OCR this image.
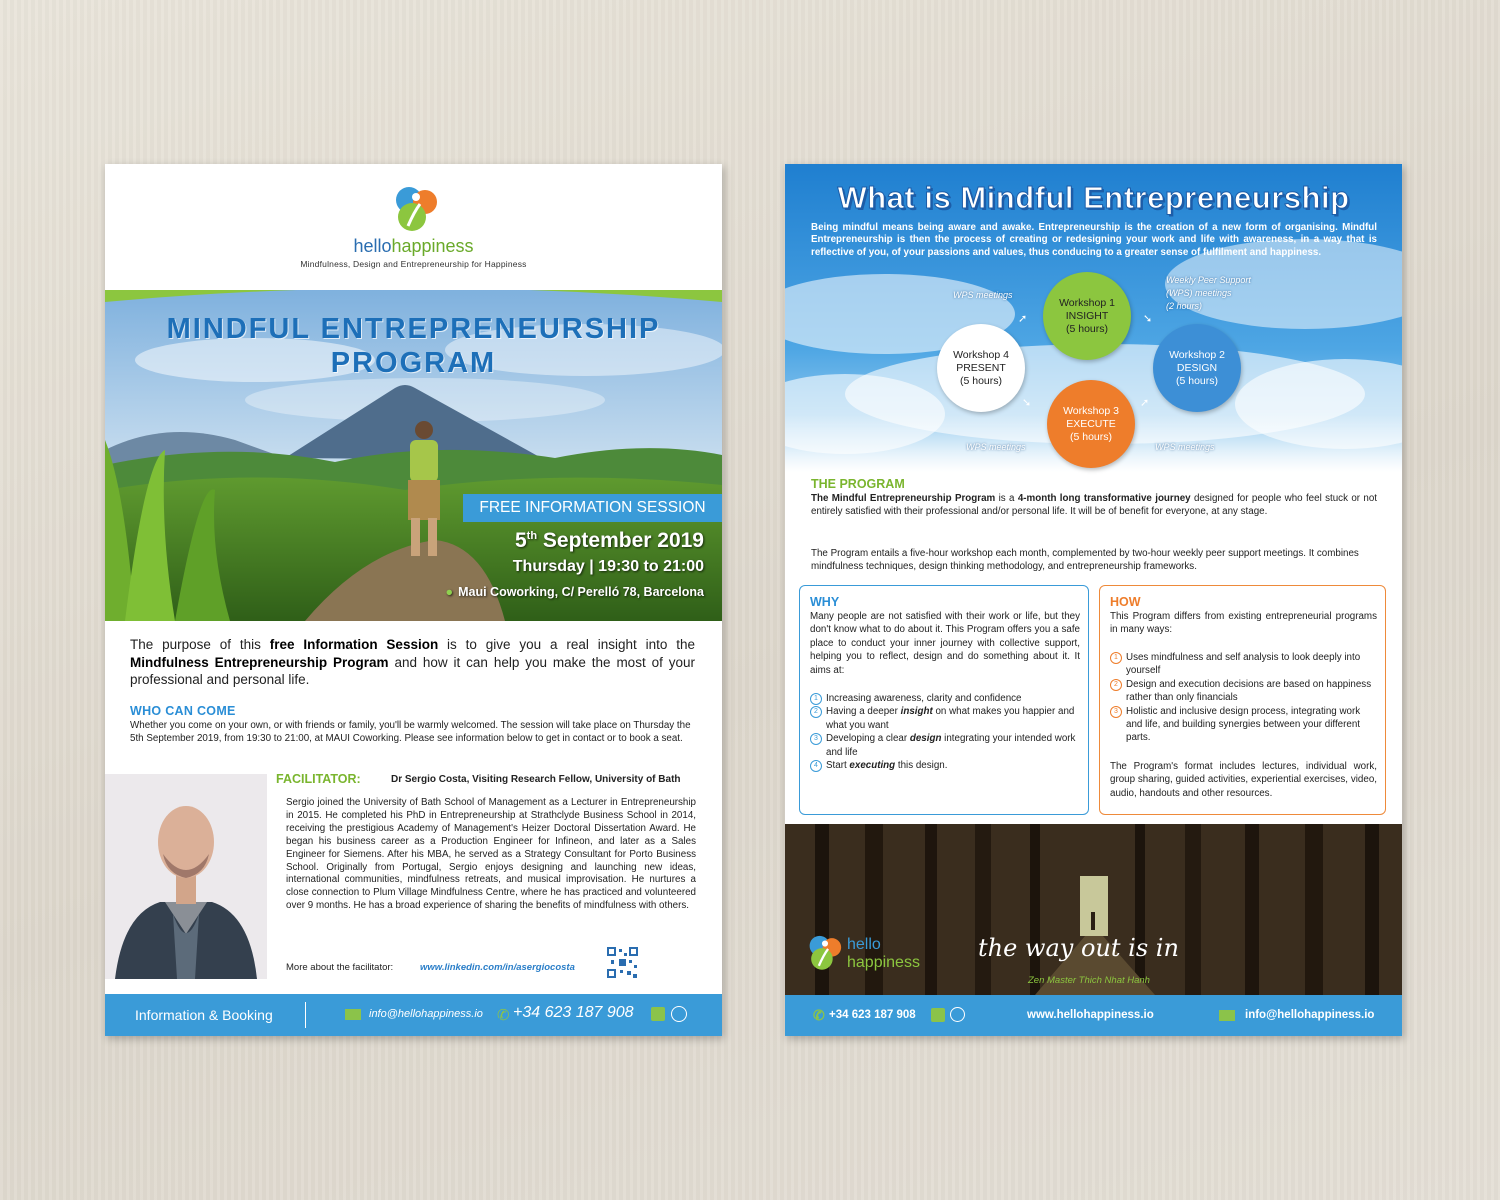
hellohappiness
Mindfulness, Design and Entrepreneurship for Happiness
MINDFUL ENTREPRENEURSHIP
PROGRAM
FREE INFORMATION SESSION
5th September 2019
Thursday | 19:30 to 21:00
● Maui Coworking, C/ Perelló 78, Barcelona
The purpose of this free Information Session is to give you a real insight into the Mindfulness Entrepreneurship Program and how it can help you make the most of your professional and personal life.
WHO CAN COME
Whether you come on your own, or with friends or family, you'll be warmly welcomed. The session will take place on Thursday the 5th September 2019, from 19:30 to 21:00, at MAUI Coworking. Please see information below to get in contact or to book a seat.
FACILITATOR:	Dr Sergio Costa, Visiting Research Fellow, University of Bath
Sergio joined the University of Bath School of Management as a Lecturer in Entrepreneurship in 2015. He completed his PhD in Entrepreneurship at Strathclyde Business School in 2014, receiving the prestigious Academy of Management's Heizer Doctoral Dissertation Award. He began his business career as a Production Engineer for Infineon, and later as a Sales Engineer for Siemens. After his MBA, he served as a Strategy Consultant for Porto Business School. Originally from Portugal, Sergio enjoys designing and launching new ideas, international communities, mindfulness retreats, and musical improvisation. He nurtures a close connection to Plum Village Mindfulness Centre, where he has practiced and volunteered over 9 months. He has a broad experience of sharing the benefits of mindfulness with others.
More about the facilitator:	www.linkedin.com/in/asergiocosta
Information & Booking	info@hellohappiness.io ✆ +34 623 187 908
What is Mindful Entrepreneurship
Being mindful means being aware and awake. Entrepreneurship is the creation of a new form of organising. Mindful Entrepreneurship is then the process of creating or redesigning your work and life with awareness, in a way that is reflective of you, of your passions and values, thus conducing to a greater sense of fulfilment and happiness.
Workshop 1
INSIGHT
(5 hours)
Workshop 2
DESIGN
(5 hours)
Workshop 3
EXECUTE
(5 hours)
Workshop 4
PRESENT
(5 hours)
➚	➘
➚
➘
WPS meetings
Weekly Peer Support
(WPS) meetings
(2 hours)
WPS meetings	WPS meetings
THE PROGRAM
The Mindful Entrepreneurship Program is a 4-month long transformative journey designed for people who feel stuck or not entirely satisfied with their professional and/or personal life. It will be of benefit for everyone, at any stage.
The Program entails a five-hour workshop each month, complemented by two-hour weekly peer support meetings. It combines mindfulness techniques, design thinking methodology, and entrepreneurship frameworks.
WHY
Many people are not satisfied with their work or life, but they don't know what to do about it. This Program offers you a safe place to conduct your inner journey with collective support, helping you to reflect, design and do something about it. It aims at:
1 Increasing awareness, clarity and confidence
2 Having a deeper insight on what makes you happier and what you want
3 Developing a clear design integrating your intended work and life
4 Start executing this design.
HOW
This Program differs from existing entrepreneurial programs in many ways:
1 Uses mindfulness and self analysis to look deeply into yourself
2 Design and execution decisions are based on happiness rather than only financials
3 Holistic and inclusive design process, integrating work and life, and building synergies between your different parts.
The Program's format includes lectures, individual work, group sharing, guided activities, experiential exercises, video, audio, handouts and other resources.
hello
happiness
the way out is in
Zen Master Thich Nhat Hanh
✆ +34 623 187 908	www.hellohappiness.io	info@hellohappiness.io
